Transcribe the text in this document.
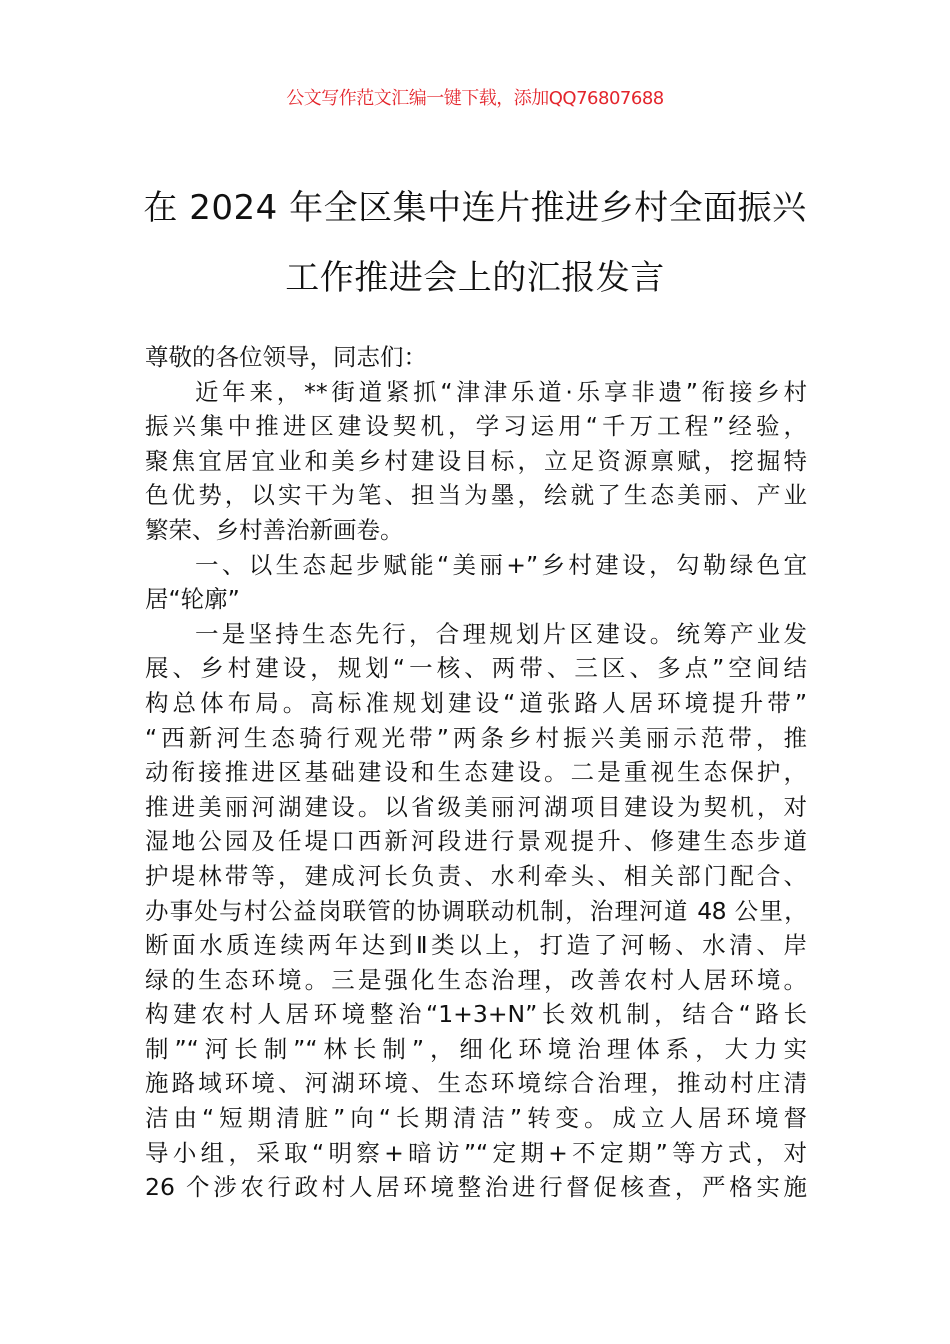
公文写作范文汇编一键下载，添加QQ76807688
在 2024 年全区集中连片推进乡村全面振兴
工作推进会上的汇报发言
尊敬的各位领导，同志们：
近年来，**街道紧抓“津津乐道·乐享非遗”衔接乡村
振兴集中推进区建设契机，学习运用“千万工程”经验，
聚焦宜居宜业和美乡村建设目标，立足资源禀赋，挖掘特
色优势，以实干为笔、担当为墨，绘就了生态美丽、产业
繁荣、乡村善治新画卷。
一、以生态起步赋能“美丽+”乡村建设，勾勒绿色宜
居“轮廓”
一是坚持生态先行，合理规划片区建设。统筹产业发
展、乡村建设，规划“一核、两带、三区、多点”空间结
构总体布局。高标准规划建设“道张路人居环境提升带”
“西新河生态骑行观光带”两条乡村振兴美丽示范带，推
动衔接推进区基础建设和生态建设。二是重视生态保护，
推进美丽河湖建设。以省级美丽河湖项目建设为契机，对
湿地公园及任堤口西新河段进行景观提升、修建生态步道
护堤林带等，建成河长负责、水利牵头、相关部门配合、
办事处与村公益岗联管的协调联动机制，治理河道 48 公里，
断面水质连续两年达到Ⅱ类以上，打造了河畅、水清、岸
绿的生态环境。三是强化生态治理，改善农村人居环境。
构建农村人居环境整治“1+3+N”长效机制，结合“路长
制”“河长制”“林长制”，细化环境治理体系，大力实
施路域环境、河湖环境、生态环境综合治理，推动村庄清
洁由“短期清脏”向“长期清洁”转变。成立人居环境督
导小组，采取“明察+暗访”“定期+不定期”等方式，对
26 个涉农行政村人居环境整治进行督促核查，严格实施
